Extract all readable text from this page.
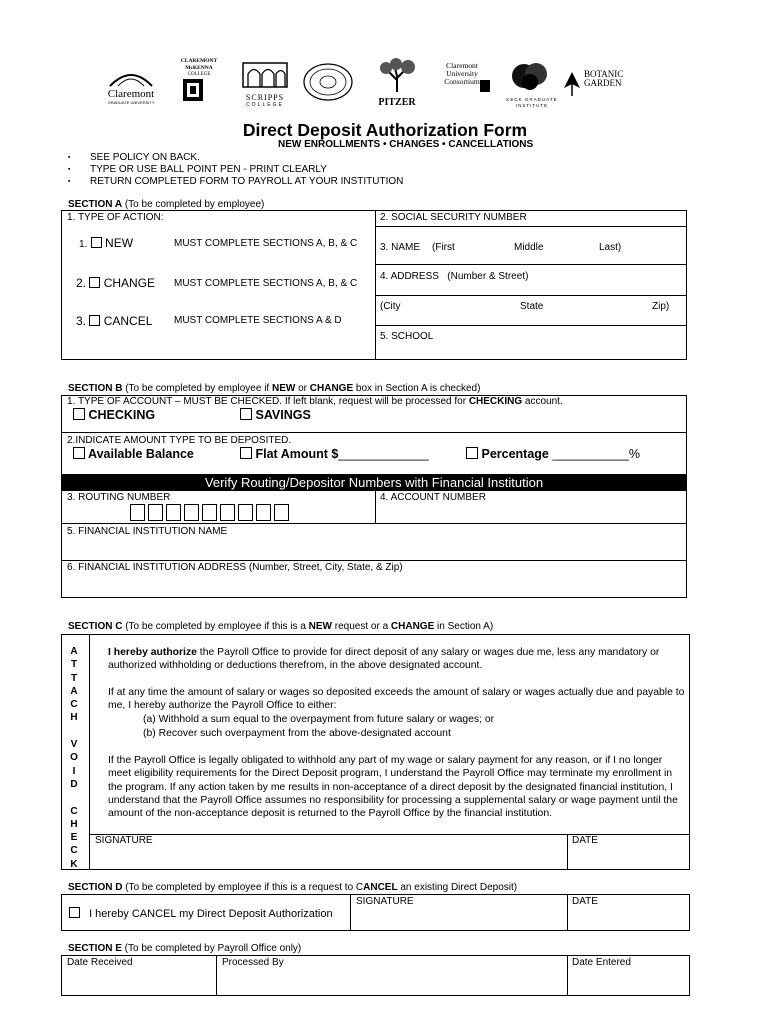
Claremont
GRADUATE UNIVERSITY
CLAREMONT McKENNA
COLLEGE
SCRIPPS
COLLEGE	PITZER
Claremont University Consortium
KECK GRADUATE
INSTITUTE
BOTANIC GARDEN
Direct Deposit Authorization Form
NEW ENROLLMENTS • CHANGES • CANCELLATIONS
▪ SEE POLICY ON BACK.
▪ TYPE OR USE BALL POINT PEN - PRINT CLEARLY
▪ RETURN COMPLETED FORM TO PAYROLL AT YOUR INSTITUTION
SECTION A (To be completed by employee)
1. TYPE OF ACTION:
1. NEW	MUST COMPLETE SECTIONS A, B, & C
2. CHANGE MUST COMPLETE SECTIONS A, B, & C
3. CANCEL MUST COMPLETE SECTIONS A & D
2. SOCIAL SECURITY NUMBER
3. NAME (First	Middle	Last)
4. ADDRESS (Number & Street)
(City	State	Zip)
5. SCHOOL
SECTION B (To be completed by employee if NEW or CHANGE box in Section A is checked)
1. TYPE OF ACCOUNT – MUST BE CHECKED. If left blank, request will be processed for CHECKING account.
CHECKING	SAVINGS
2.INDICATE AMOUNT TYPE TO BE DEPOSITED.
Available Balance	Flat Amount $_____________	Percentage ___________%
Verify Routing/Depositor Numbers with Financial Institution
3. ROUTING NUMBER	4. ACCOUNT NUMBER
5. FINANCIAL INSTITUTION NAME
6. FINANCIAL INSTITUTION ADDRESS (Number, Street, City, State, & Zip)
SECTION C (To be completed by employee if this is a NEW request or a CHANGE in Section A)
A
T
T
A
C
H
V
O
I
D
C
H
E
C
K
I hereby authorize the Payroll Office to provide for direct deposit of any salary or wages due me, less any mandatory or authorized withholding or deductions therefrom, in the above designated account.
If at any time the amount of salary or wages so deposited exceeds the amount of salary or wages actually due and payable to me, I hereby authorize the Payroll Office to either:
(a) Withhold a sum equal to the overpayment from future salary or wages; or
(b) Recover such overpayment from the above-designated account
If the Payroll Office is legally obligated to withhold any part of my wage or salary payment for any reason, or if I no longer meet eligibility requirements for the Direct Deposit program, I understand the Payroll Office may terminate my enrollment in the program. If any action taken by me results in non-acceptance of a direct deposit by the designated financial institution, I understand that the Payroll Office assumes no responsibility for processing a supplemental salary or wage payment until the amount of the non-acceptance deposit is returned to the Payroll Office by the financial institution.
SIGNATURE	DATE
SECTION D (To be completed by employee if this is a request to CANCEL an existing Direct Deposit)
I hereby CANCEL my Direct Deposit Authorization
SIGNATURE	DATE
SECTION E (To be completed by Payroll Office only)
Date Received	Processed By	Date Entered
